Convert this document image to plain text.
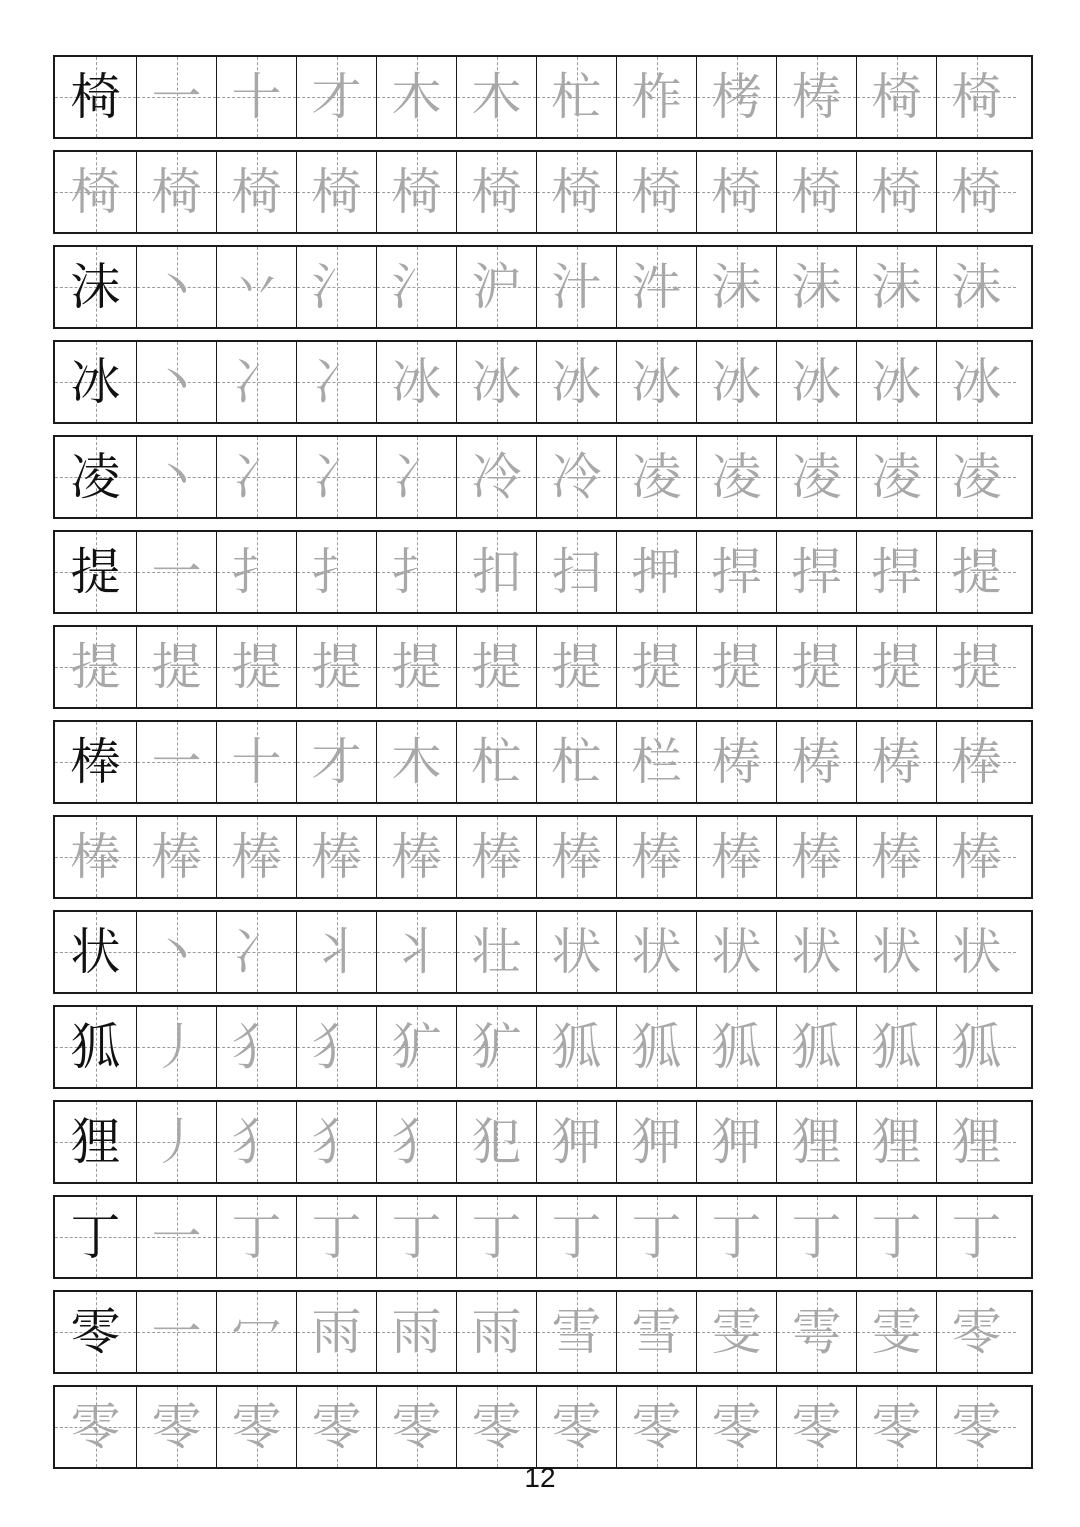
椅 一 十 才 木 木 杧 柞 栲 梼 椅 椅
椅 椅 椅 椅 椅 椅 椅 椅 椅 椅 椅 椅
沫 丶 丷 氵 氵 沪 汁 汼 沫 沫 沫 沫
冰 丶 冫 冫 冰 冰 冰 冰 冰 冰 冰 冰
凌 丶 冫 冫 冫 冷 冷 凌 凌 凌 凌 凌
提 一 扌 扌 扌 扣 扫 押 捍 捍 捍 提
提 提 提 提 提 提 提 提 提 提 提 提
棒 一 十 才 木 杧 杧 栏 梼 梼 梼 棒
棒 棒 棒 棒 棒 棒 棒 棒 棒 棒 棒 棒
状 丶 冫 丬 丬 壮 状 状 状 状 状 状
狐 丿 犭 犭 犷 犷 狐 狐 狐 狐 狐 狐
狸 丿 犭 犭 犭 犯 狎 狎 狎 狸 狸 狸
丁 一 丁 丁 丁 丁 丁 丁 丁 丁 丁 丁
零 一 冖 雨 雨 雨 雪 雪 雯 雩 雯 零
零 零 零 零 零 零 零 零 零 零 零 零
12
